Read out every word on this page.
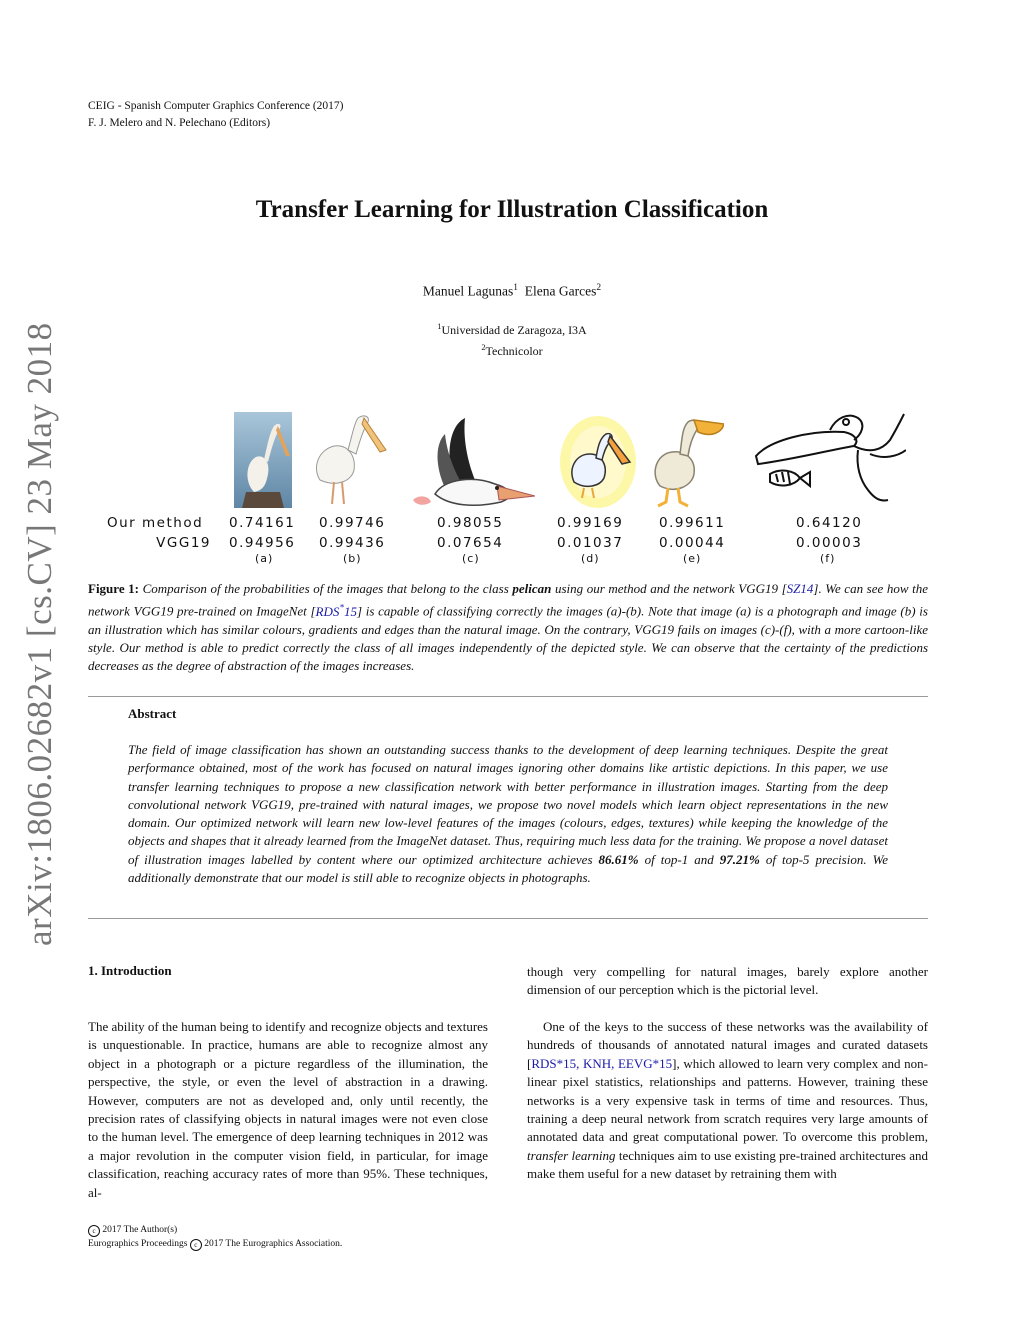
CEIG - Spanish Computer Graphics Conference (2017)
F. J. Melero and N. Pelechano (Editors)
arXiv:1806.02682v1 [cs.CV] 23 May 2018
Transfer Learning for Illustration Classification
Manuel Lagunas$^1$ Elena Garces$^2$
$^1$Universidad de Zaragoza, I3A
$^2$Technicolor
Our method
VGG19
0.74161
0.94956
(a)
0.99746
0.99436
(b)
0.98055
0.07654
(c)
0.99169
0.01037
(d)
0.99611
0.00044
(e)
0.64120
0.00003
(f)
Figure 1: Comparison of the probabilities of the images that belong to the class pelican using our method and the network VGG19 [SZ14]. We can see how the network VGG19 pre-trained on ImageNet [RDS*15] is capable of classifying correctly the images (a)-(b). Note that image (a) is a photograph and image (b) is an illustration which has similar colours, gradients and edges than the natural image. On the contrary, VGG19 fails on images (c)-(f), with a more cartoon-like style. Our method is able to predict correctly the class of all images independently of the depicted style. We can observe that the certainty of the predictions decreases as the degree of abstraction of the images increases.
Abstract
The field of image classification has shown an outstanding success thanks to the development of deep learning techniques. Despite the great performance obtained, most of the work has focused on natural images ignoring other domains like artistic depictions. In this paper, we use transfer learning techniques to propose a new classification network with better performance in illustration images. Starting from the deep convolutional network VGG19, pre-trained with natural images, we propose two novel models which learn object representations in the new domain. Our optimized network will learn new low-level features of the images (colours, edges, textures) while keeping the knowledge of the objects and shapes that it already learned from the ImageNet dataset. Thus, requiring much less data for the training. We propose a novel dataset of illustration images labelled by content where our optimized architecture achieves 86.61% of top-1 and 97.21% of top-5 precision. We additionally demonstrate that our model is still able to recognize objects in photographs.
1. Introduction
The ability of the human being to identify and recognize objects and textures is unquestionable. In practice, humans are able to recognize almost any object in a photograph or a picture regardless of the illumination, the perspective, the style, or even the level of abstraction in a drawing. However, computers are not as developed and, only until recently, the precision rates of classifying objects in natural images were not even close to the human level. The emergence of deep learning techniques in 2012 was a major revolution in the computer vision field, in particular, for image classification, reaching accuracy rates of more than 95%. These techniques, al-
though very compelling for natural images, barely explore another dimension of our perception which is the pictorial level.
One of the keys to the success of these networks was the availability of hundreds of thousands of annotated natural images and curated datasets [RDS*15, KNH, EEVG*15], which allowed to learn very complex and non-linear pixel statistics, relationships and patterns. However, training these networks is a very expensive task in terms of time and resources. Thus, training a deep neural network from scratch requires very large amounts of annotated data and great computational power. To overcome this problem, transfer learning techniques aim to use existing pre-trained architectures and make them useful for a new dataset by retraining them with
c 2017 The Author(s)
Eurographics Proceedings c 2017 The Eurographics Association.
